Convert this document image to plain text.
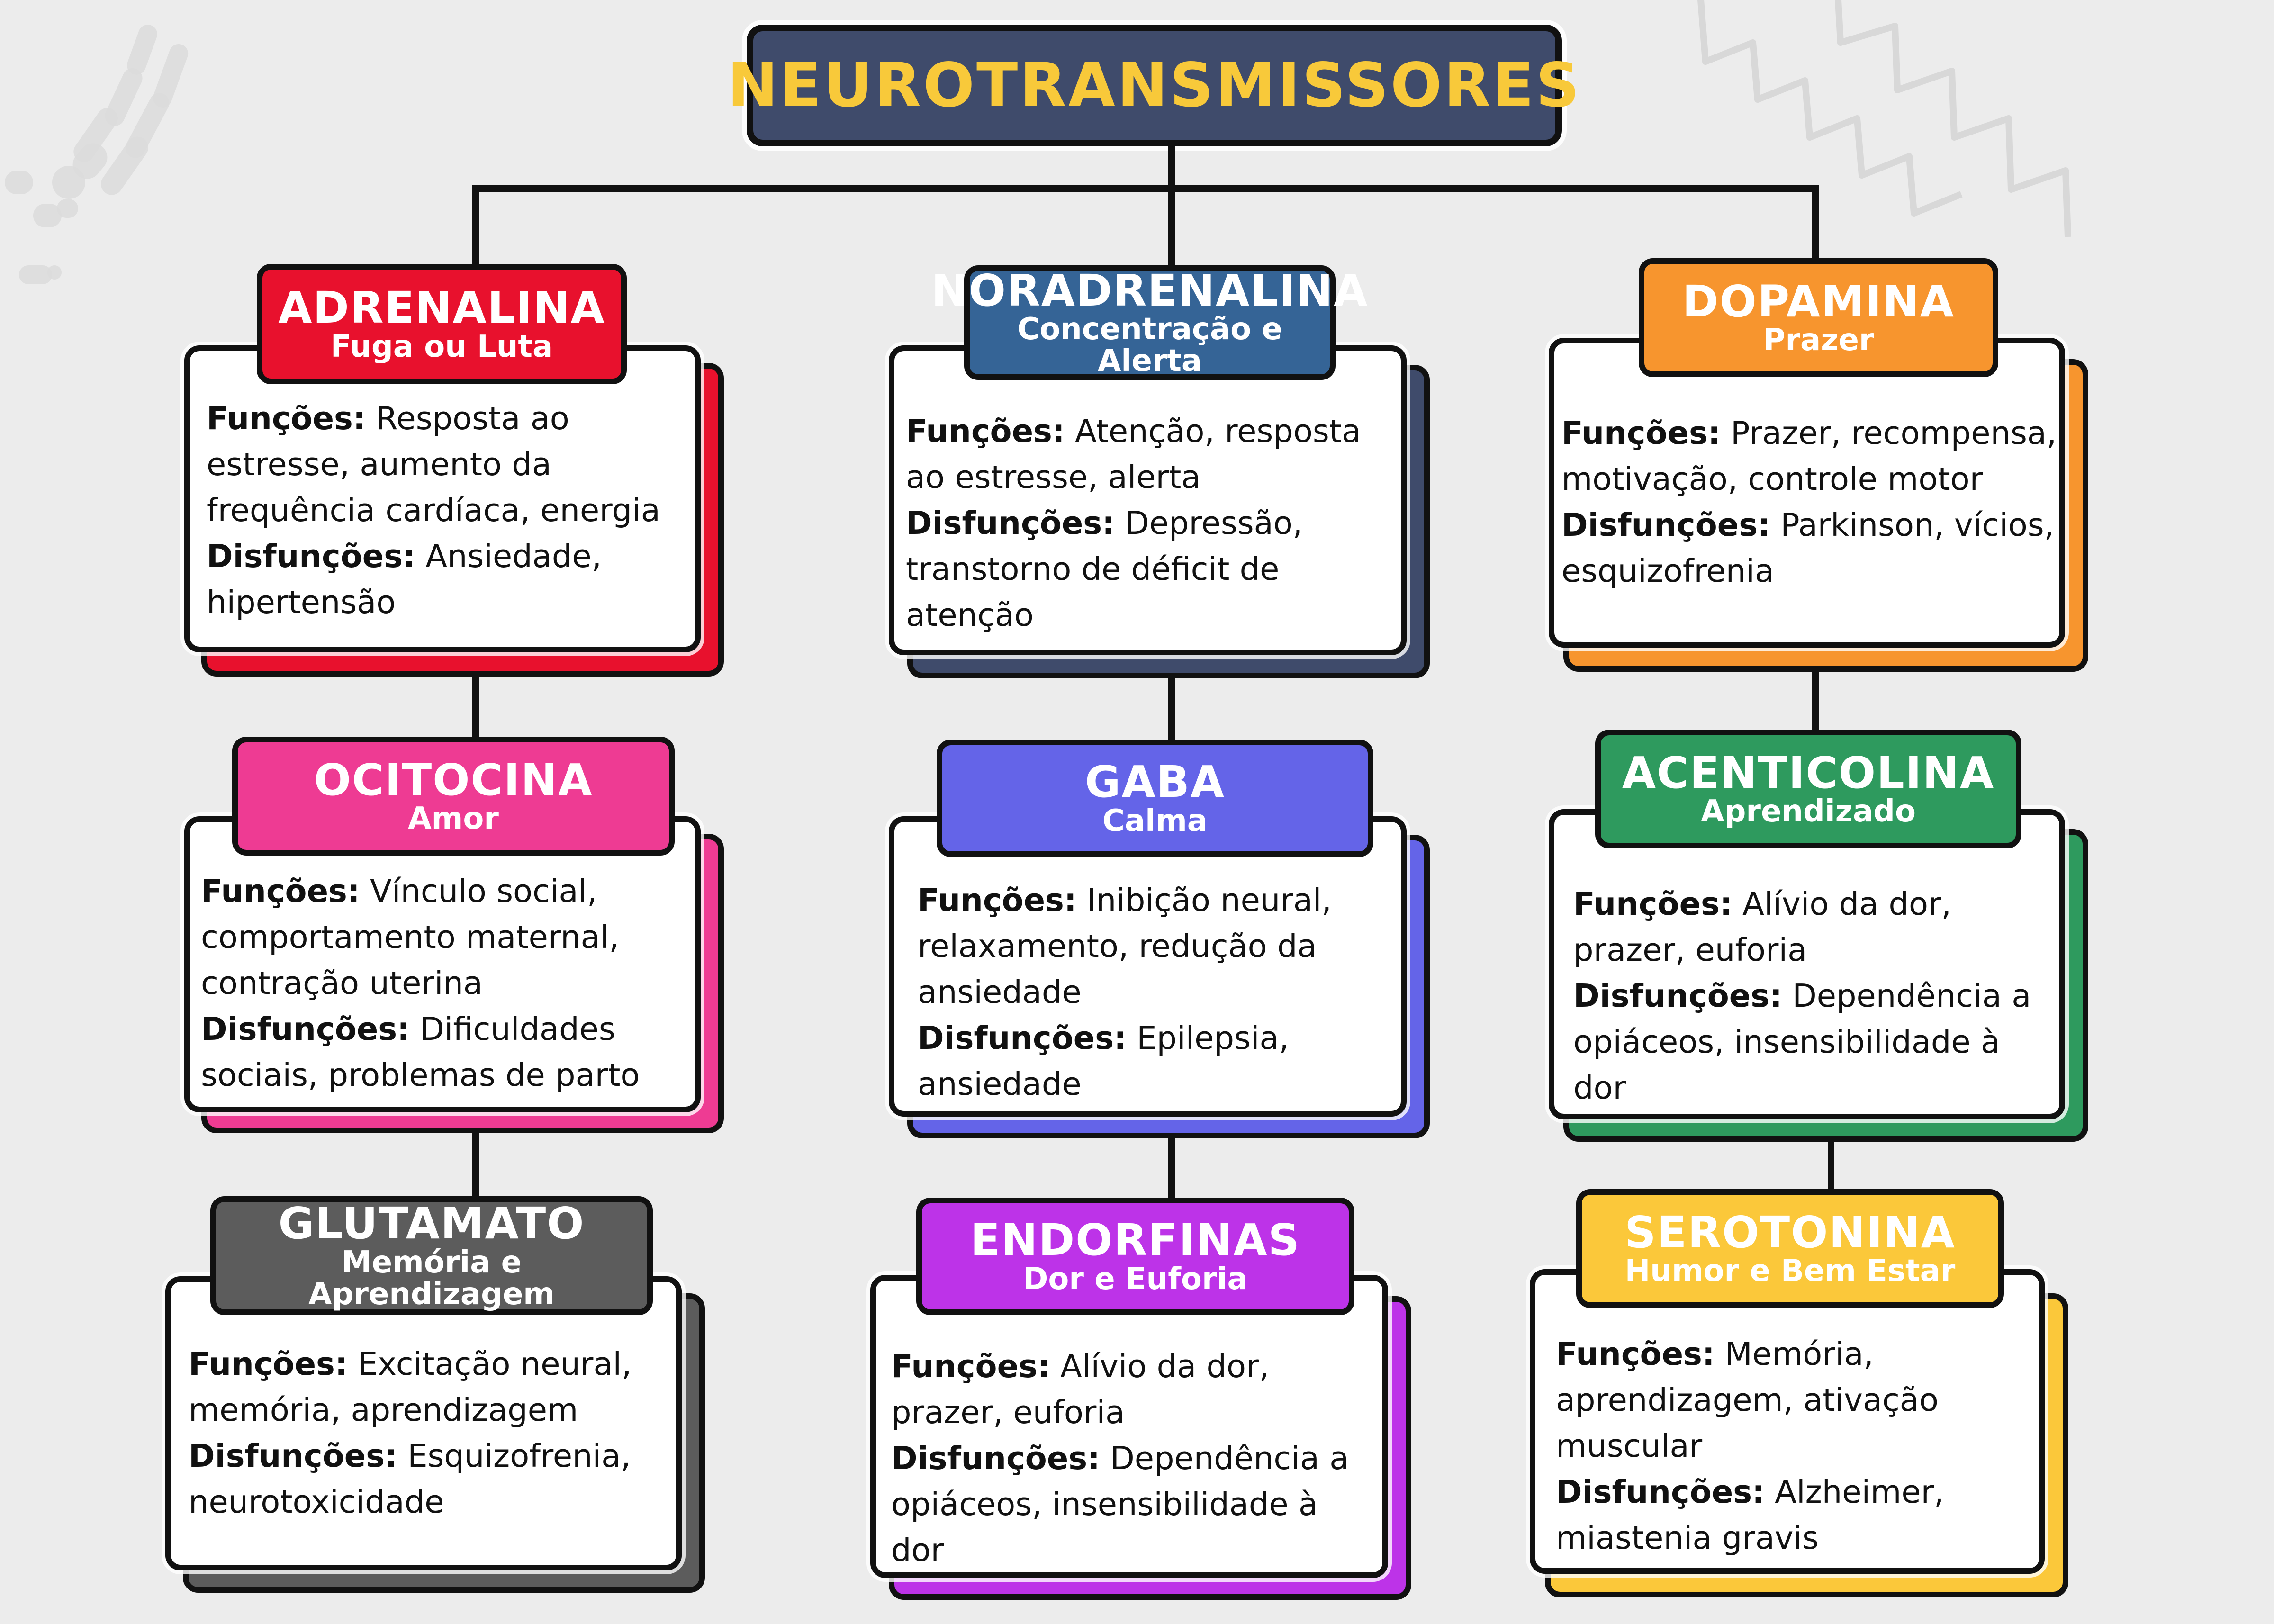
NEUROTRANSMISSORES
ADRENALINA
Fuga ou Luta
Funções: Resposta ao estresse, aumento da frequência cardíaca, energia
Disfunções: Ansiedade, hipertensão
NORADRENALINA
Concentração e Alerta
Funções: Atenção, resposta ao estresse, alerta
Disfunções: Depressão, transtorno de déficit de atenção
DOPAMINA
Prazer
Funções: Prazer, recompensa, motivação, controle motor
Disfunções: Parkinson, vícios, esquizofrenia
OCITOCINA
Amor
Funções: Vínculo social, comportamento maternal, contração uterina
Disfunções: Dificuldades sociais, problemas de parto
GABA
Calma
Funções: Inibição neural, relaxamento, redução da ansiedade
Disfunções: Epilepsia, ansiedade
ACENTICOLINA
Aprendizado
Funções: Alívio da dor, prazer, euforia
Disfunções: Dependência a opiáceos, insensibilidade à dor
GLUTAMATO
Memória e Aprendizagem
Funções: Excitação neural, memória, aprendizagem
Disfunções: Esquizofrenia, neurotoxicidade
ENDORFINAS
Dor e Euforia
Funções: Alívio da dor, prazer, euforia
Disfunções: Dependência a opiáceos, insensibilidade à dor
SEROTONINA
Humor e Bem Estar
Funções: Memória, aprendizagem, ativação muscular
Disfunções: Alzheimer, miastenia gravis
